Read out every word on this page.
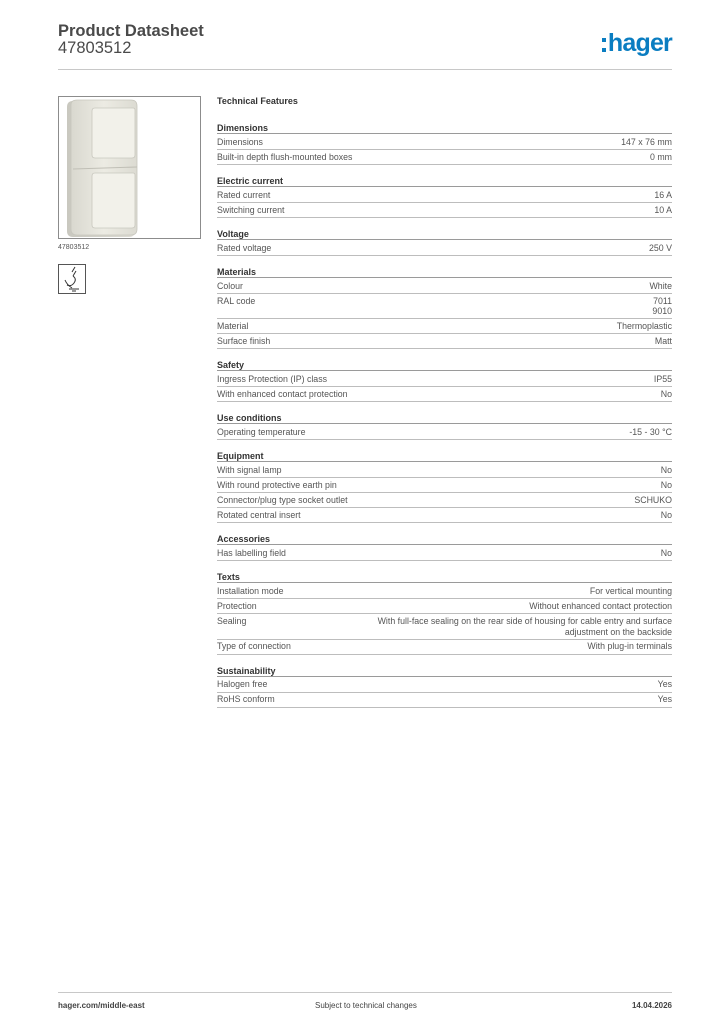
Product Datasheet
47803512	hager
47803512
Technical Features
Dimensions
Dimensions	147 x 76 mm
Built-in depth flush-mounted boxes	0 mm
Electric current
Rated current	16 A
Switching current	10 A
Voltage
Rated voltage	250 V
Materials
Colour	White
RAL code	7011
9010
Material	Thermoplastic
Surface finish	Matt
Safety
Ingress Protection (IP) class	IP55
With enhanced contact protection	No
Use conditions
Operating temperature	-15 - 30 °C
Equipment
With signal lamp	No
With round protective earth pin	No
Connector/plug type socket outlet	SCHUKO
Rotated central insert	No
Accessories
Has labelling field	No
Texts
Installation mode	For vertical mounting
Protection	Without enhanced contact protection
Sealing	With full-face sealing on the rear side of housing for cable entry and surface adjustment on the backside
Type of connection	With plug-in terminals
Sustainability
Halogen free	Yes
RoHS conform	Yes
hager.com/middle-east	Subject to technical changes	14.04.2026
